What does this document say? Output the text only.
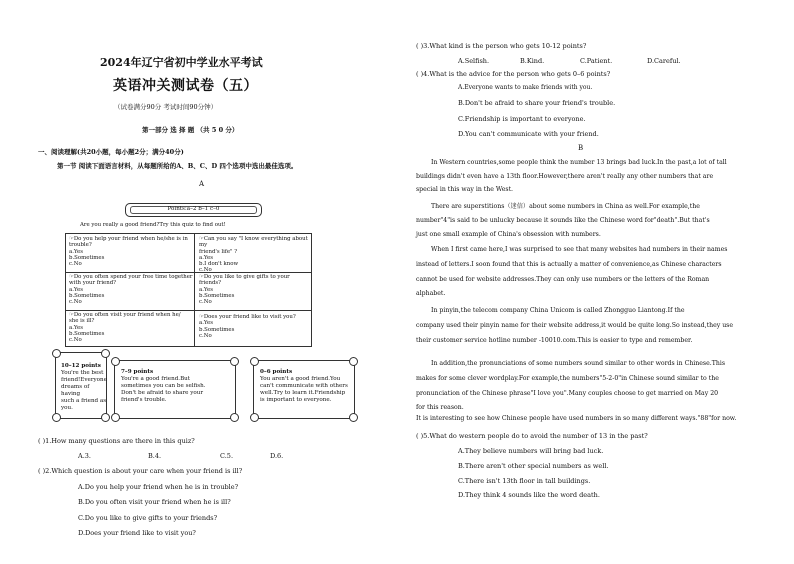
2024年辽宁省初中学业水平考试
英语冲关测试卷（五）
（试卷满分90分 考试时间90分钟）
第一部分 选 择 题 （共 5 0 分）
一、阅读理解(共20小题，每小题2分；满分40分)
第一节 阅读下面语言材料，从每题所给的A、B、C、D 四个选项中选出最佳选项。
A
Points:a–2 b–1 c–0
Are you really a good friend?Try this quiz to find out!
☞Do you help your friend when he/she is in
trouble?
a.Yes
b.Sometimes
c.No
☞Can you say "I know everything about my
friend's life" ?
a.Yes
b.I don't know
c.No
☞Do you often spend your free time together
with your friend?
a.Yes
b.Sometimes
c.No
☞Do you like to give gifts to your friends?
a.Yes
b.Sometimes
c.No
☞Do you often visit your friend when he/
she is ill?
a.Yes
b.Sometimes
c.No
☞Does your friend like to visit you?
a.Yes
b.Sometimes
c.No
10–12 points
You're the best
friend!Everyone
dreams of having
such a friend as
you.
7–9 points
You're a good friend.But
sometimes you can be selfish.
Don't be afraid to share your
friend's trouble.
0–6 points
You aren't a good friend.You
can't communicate with others
well.Try to learn it.Friendship
is important to everyone.
( )1.How many questions are there in this quiz?
A.3.	B.4.	C.5.	D.6.
( )2.Which question is about your care when your friend is ill?
A.Do you help your friend when he is in trouble?
B.Do you often visit your friend when he is ill?
C.Do you like to give gifts to your friends?
D.Does your friend like to visit you?
( )3.What kind is the person who gets 10-12 points?
A.Selfish.	B.Kind.	C.Patient.	D.Careful.
( )4.What is the advice for the person who gets 0–6 points?
A.Everyone wants to make friends with you.
B.Don't be afraid to share your friend's trouble.
C.Friendship is important to everyone.
D.You can't communicate with your friend.
B
In Western countries,some people think the number 13 brings bad luck.In the past,a lot of tall
buildings didn't even have a 13th floor.However,there aren't really any other numbers that are
special in this way in the West.
There are superstitions（迷信）about some numbers in China as well.For example,the
number"4"is said to be unlucky because it sounds like the Chinese word for"death".But that's
just one small example of China's obsession with numbers.
When I first came here,I was surprised to see that many websites had numbers in their names
instead of letters.I soon found that this is actually a matter of convenience,as Chinese characters
cannot be used for website addresses.They can only use numbers or the letters of the Roman
alphabet.
In pinyin,the telecom company China Unicom is called Zhongguo Liantong.If the
company used their pinyin name for their website address,it would be quite long.So instead,they use
their customer service hotline number -10010.com.This is easier to type and remember.
In addition,the pronunciations of some numbers sound similar to other words in Chinese.This
makes for some clever wordplay.For example,the numbers"5-2-0"in Chinese sound similar to the
pronunciation of the Chinese phrase"I love you".Many couples choose to get married on May 20
for this reason.
It is interesting to see how Chinese people have used numbers in so many different ways."88"for now.
( )5.What do western people do to avoid the number of 13 in the past?
A.They believe numbers will bring bad luck.
B.There aren't other special numbers as well.
C.There isn't 13th floor in tall buildings.
D.They think 4 sounds like the word death.
